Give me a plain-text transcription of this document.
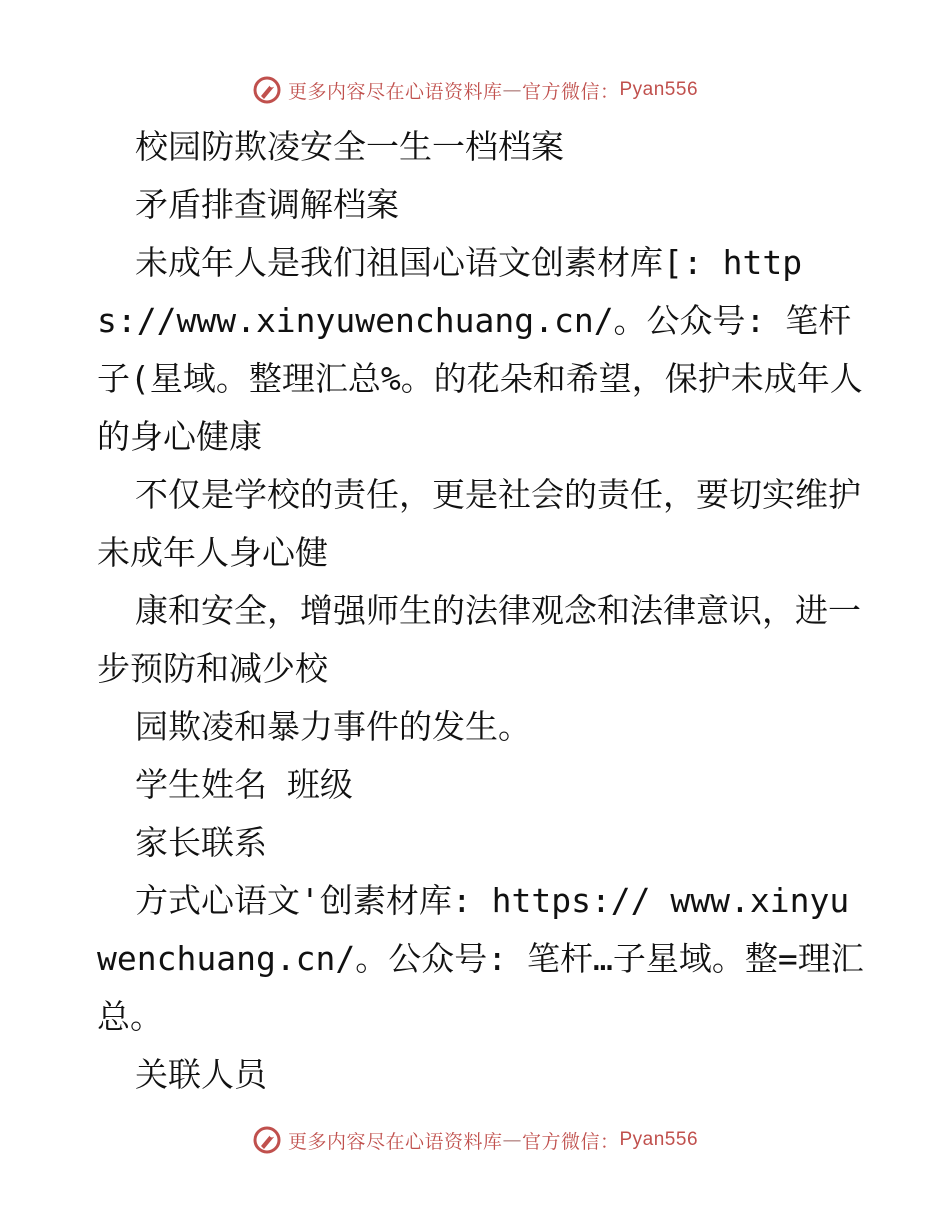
更多内容尽在心语资料库 — 官方微信： Pyan556

校园防欺凌安全一生一档档案

矛盾排查调解档案

未成年人是我们祖国心语文创素材库[: https://www.xinyuwenchuang.cn/。公众号: 笔杆子(星域。整理汇总%。的花朵和希望，保护未成年人的身心健康

不仅是学校的责任，更是社会的责任，要切实维护未成年人身心健

康和安全，增强师生的法律观念和法律意识，进一步预防和减少校

园欺凌和暴力事件的发生。

学生姓名 班级

家长联系

方式心语文'创素材库: https:// www.xinyuwenchuang.cn/。公众号: 笔杆…子星域。整=理汇总。

关联人员

更多内容尽在心语资料库 — 官方微信： Pyan556
